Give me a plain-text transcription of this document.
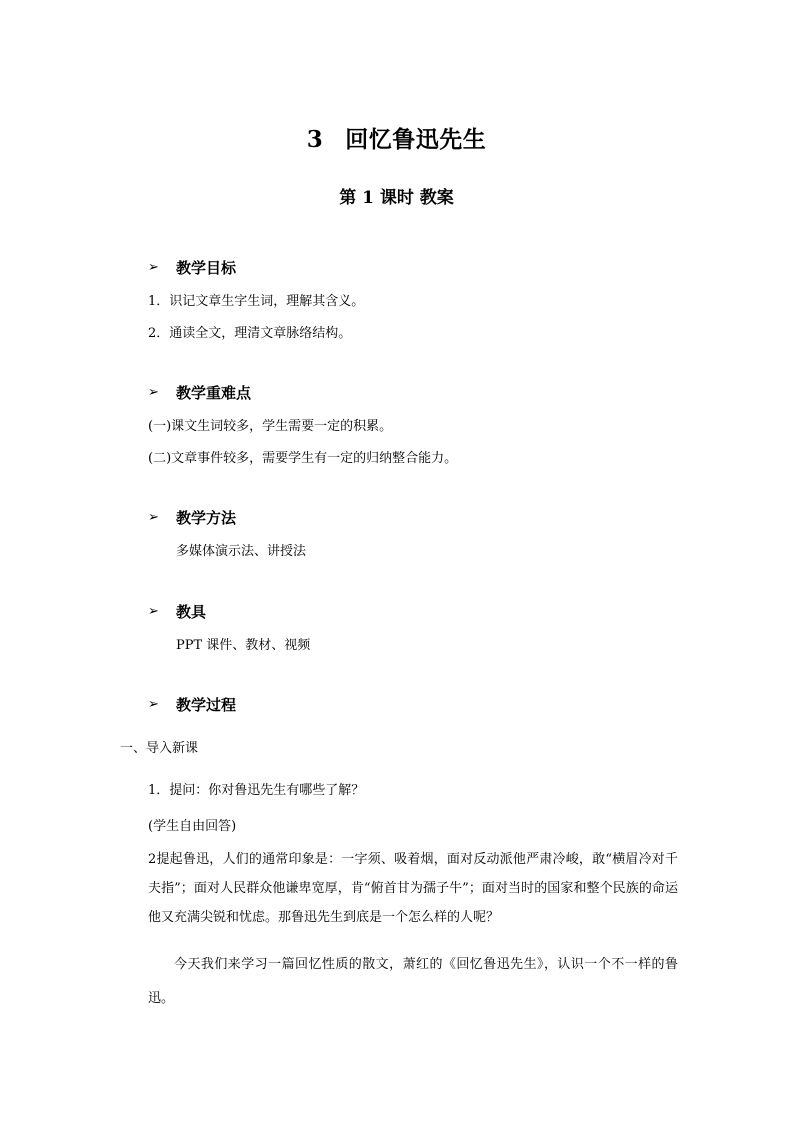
3 回忆鲁迅先生
第 1 课时 教案
➢	教学目标
1．识记文章生字生词，理解其含义。
2．通读全文，理清文章脉络结构。
➢	教学重难点
(一)课文生词较多，学生需要一定的积累。
(二)文章事件较多，需要学生有一定的归纳整合能力。
➢	教学方法
多媒体演示法、讲授法
➢	教具
PPT 课件、教材、视频
➢	教学过程
一、导入新课
1．提问：你对鲁迅先生有哪些了解？
(学生自由回答)
2提起鲁迅，人们的通常印象是：一字须、吸着烟，面对反动派他严肃冷峻，敢“横眉冷对千夫指”；面对人民群众他谦卑宽厚，肯“俯首甘为孺子牛”；面对当时的国家和整个民族的命运他又充满尖锐和忧虑。那鲁迅先生到底是一个怎么样的人呢？
今天我们来学习一篇回忆性质的散文，萧红的《回忆鲁迅先生》，认识一个不一样的鲁迅。
